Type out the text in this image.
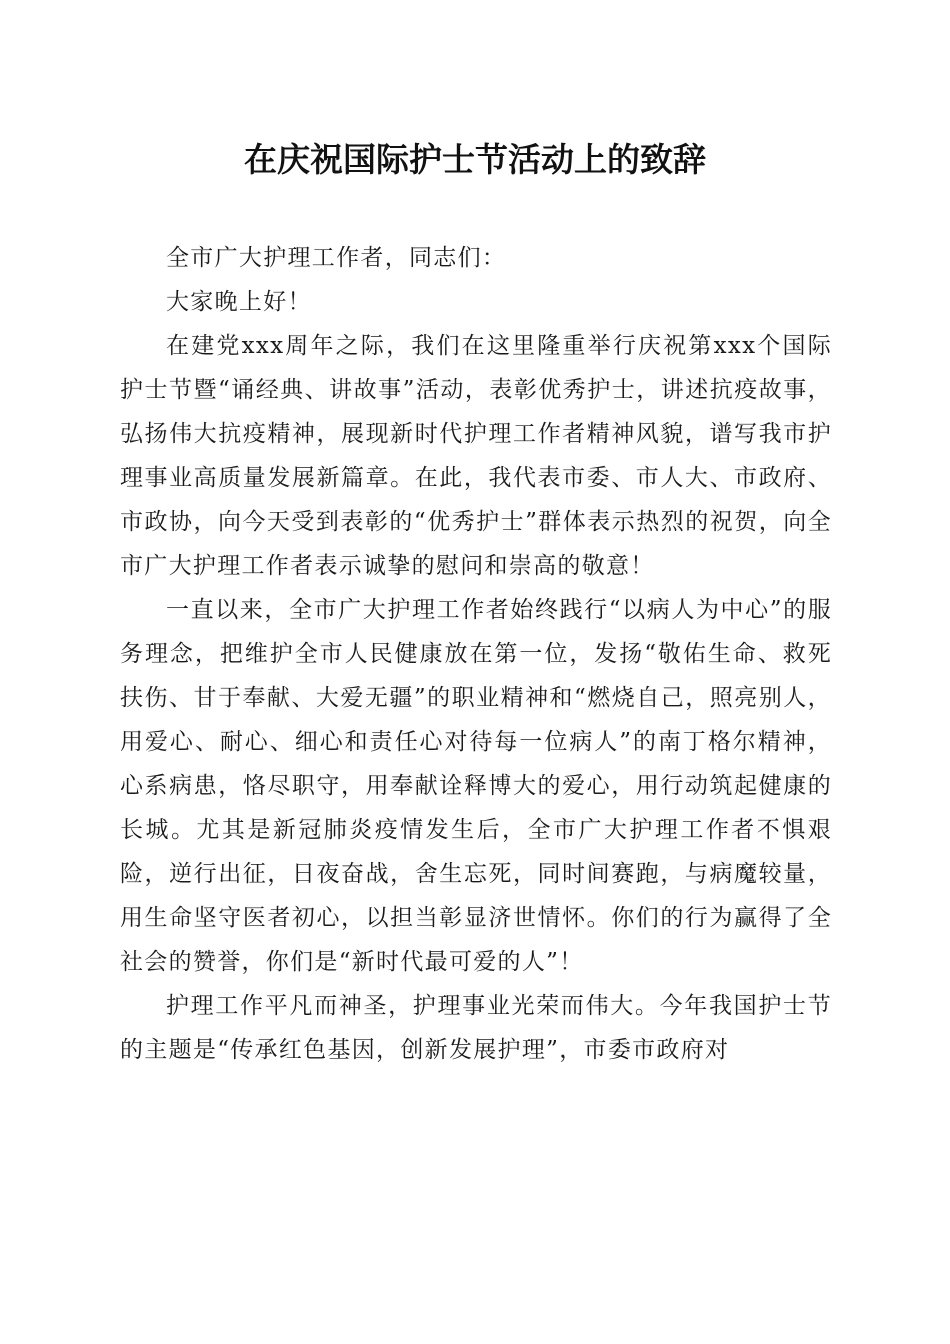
在庆祝国际护士节活动上的致辞

全市广大护理工作者，同志们：

大家晚上好！

在建党xxx周年之际，我们在这里隆重举行庆祝第xxx个国际护士节暨“诵经典、讲故事”活动，表彰优秀护士，讲述抗疫故事，弘扬伟大抗疫精神，展现新时代护理工作者精神风貌，谱写我市护理事业高质量发展新篇章。在此，我代表市委、市人大、市政府、市政协，向今天受到表彰的“优秀护士”群体表示热烈的祝贺，向全市广大护理工作者表示诚挚的慰问和崇高的敬意！

一直以来，全市广大护理工作者始终践行“以病人为中心”的服务理念，把维护全市人民健康放在第一位，发扬“敬佑生命、救死扶伤、甘于奉献、大爱无疆”的职业精神和“燃烧自己，照亮别人，用爱心、耐心、细心和责任心对待每一位病人”的南丁格尔精神，心系病患，恪尽职守，用奉献诠释博大的爱心，用行动筑起健康的长城。尤其是新冠肺炎疫情发生后，全市广大护理工作者不惧艰险，逆行出征，日夜奋战，舍生忘死，同时间赛跑，与病魔较量，用生命坚守医者初心，以担当彰显济世情怀。你们的行为赢得了全社会的赞誉，你们是“新时代最可爱的人”！

护理工作平凡而神圣，护理事业光荣而伟大。今年我国护士节的主题是“传承红色基因，创新发展护理”，市委市政府对
